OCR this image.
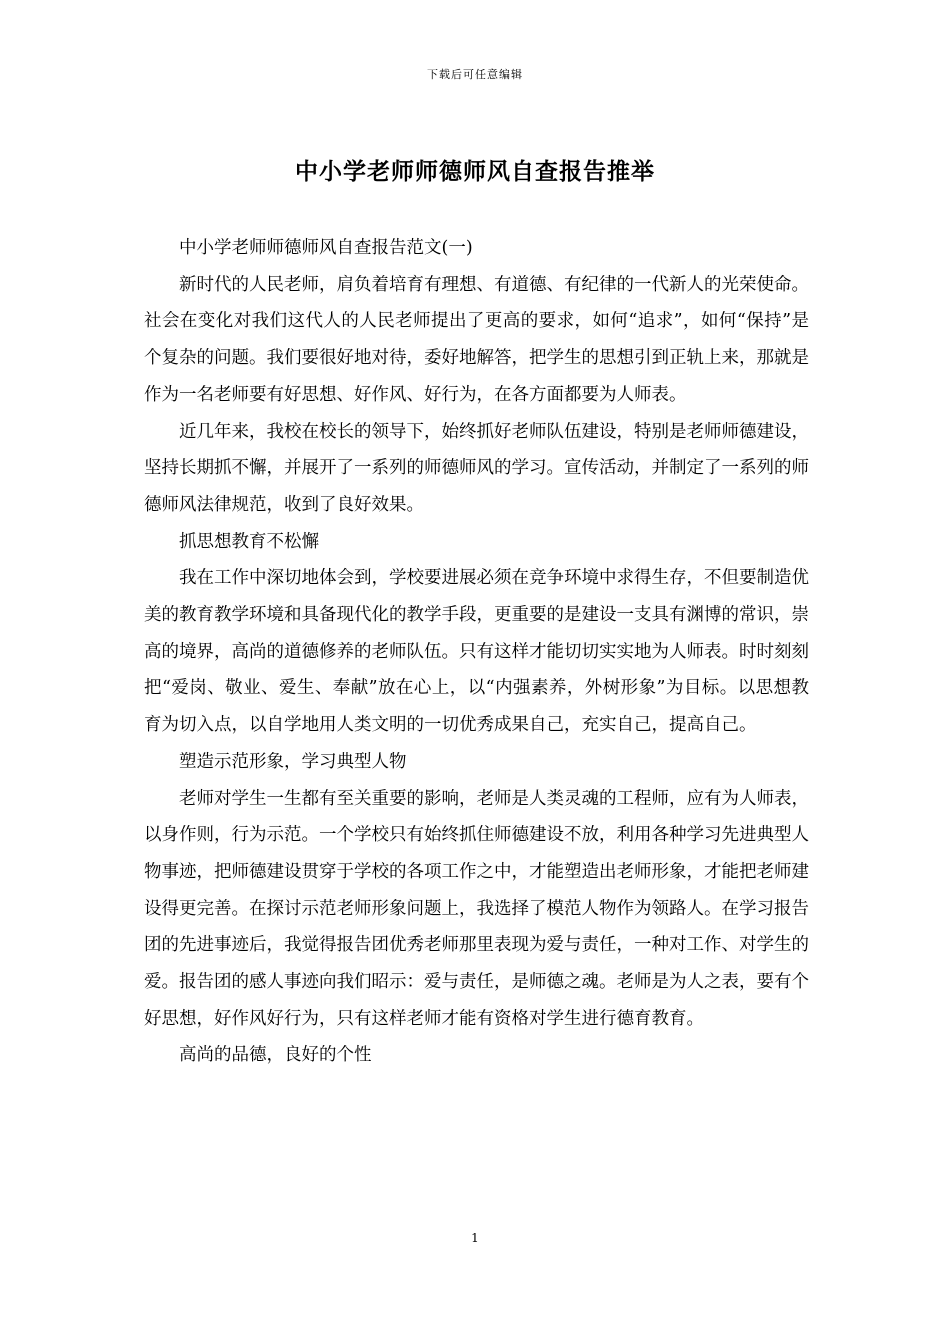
下载后可任意编辑
中小学老师师德师风自查报告推举

中小学老师师德师风自查报告范文(一)

新时代的人民老师，肩负着培育有理想、有道德、有纪律的一代新人的光荣使命。社会在变化对我们这代人的人民老师提出了更高的要求，如何“追求”，如何“保持”是个复杂的问题。我们要很好地对待，委好地解答，把学生的思想引到正轨上来，那就是作为一名老师要有好思想、好作风、好行为，在各方面都要为人师表。

近几年来，我校在校长的领导下，始终抓好老师队伍建设，特别是老师师德建设，坚持长期抓不懈，并展开了一系列的师德师风的学习。宣传活动，并制定了一系列的师德师风法律规范，收到了良好效果。

抓思想教育不松懈

我在工作中深切地体会到，学校要进展必须在竞争环境中求得生存，不但要制造优美的教育教学环境和具备现代化的教学手段，更重要的是建设一支具有渊博的常识，崇高的境界，高尚的道德修养的老师队伍。只有这样才能切切实实地为人师表。时时刻刻把“爱岗、敬业、爱生、奉献”放在心上，以“内强素养，外树形象”为目标。以思想教育为切入点，以自学地用人类文明的一切优秀成果自己，充实自己，提高自己。

塑造示范形象，学习典型人物

老师对学生一生都有至关重要的影响，老师是人类灵魂的工程师，应有为人师表，以身作则，行为示范。一个学校只有始终抓住师德建设不放，利用各种学习先进典型人物事迹，把师德建设贯穿于学校的各项工作之中，才能塑造出老师形象，才能把老师建设得更完善。在探讨示范老师形象问题上，我选择了模范人物作为领路人。在学习报告团的先进事迹后，我觉得报告团优秀老师那里表现为爱与责任，一种对工作、对学生的爱。报告团的感人事迹向我们昭示：爱与责任，是师德之魂。老师是为人之表，要有个好思想，好作风好行为，只有这样老师才能有资格对学生进行德育教育。

高尚的品德，良好的个性

1
